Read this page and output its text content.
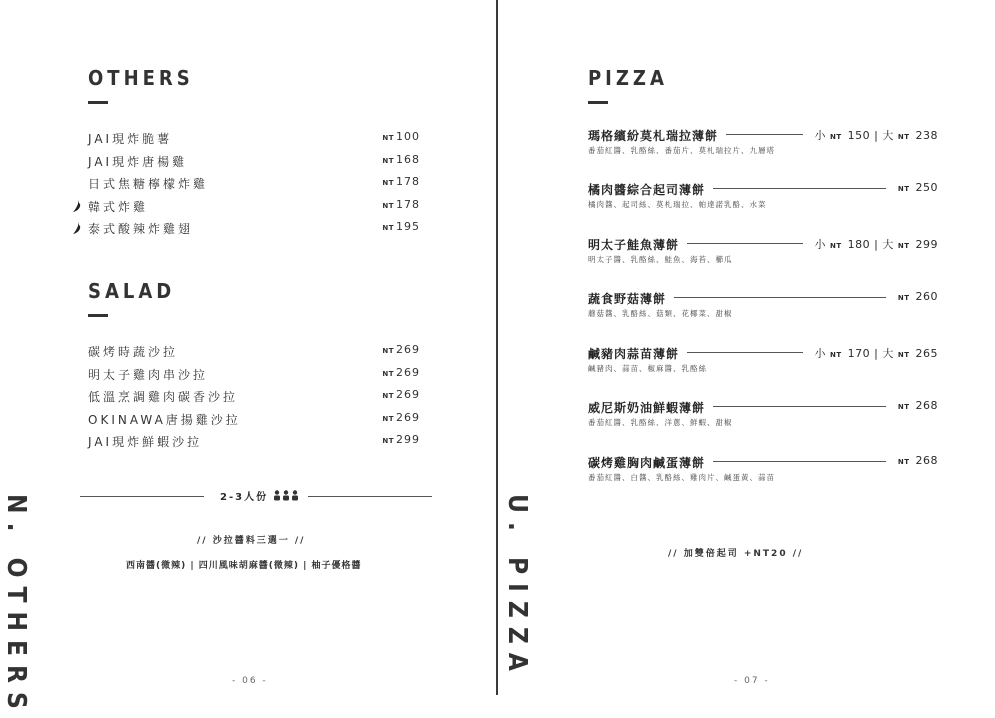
OTHERS
JAI現炸脆薯	NT 100
JAI現炸唐楊雞	NT 168
日式焦糖檸檬炸雞	NT 178
韓式炸雞	NT 178
泰式酸辣炸雞翅	NT 195
SALAD
碳烤時蔬沙拉	NT 269
明太子雞肉串沙拉	NT 269
低溫烹調雞肉碳香沙拉	NT 269
OKINAWA唐揚雞沙拉	NT 269
JAI現炸鮮蝦沙拉	NT 299
2-3人份
// 沙拉醬料三選一 //
西南醬(微辣) | 四川風味胡麻醬(微辣) | 柚子優格醬
N. OTHERS	- 06 -
U. PIZZA
- 07 -
PIZZA
瑪格繽紛莫札瑞拉薄餅	小 NT 150 | 大 NT 238
番茄紅醬、乳酪絲、番茄片、莫札瑞拉片、九層塔
橘肉醬綜合起司薄餅	NT 250
橘肉醬、起司絲、莫札瑞拉、帕達諾乳酪、水菜
明太子鮭魚薄餅	小 NT 180 | 大 NT 299
明太子醬、乳酪絲、鮭魚、海苔、櫛瓜
蔬食野菇薄餅	NT 260
蘑菇醬、乳酪絲、菇類、花椰菜、甜椒
鹹豬肉蒜苗薄餅	小 NT 170 | 大 NT 265
鹹豬肉、蒜苗、椒麻醬、乳酪絲
威尼斯奶油鮮蝦薄餅	NT 268
番茄紅醬、乳酪絲、洋蔥、鮮蝦、甜椒
碳烤雞胸肉鹹蛋薄餅	NT 268
番茄紅醬、白醬、乳酪絲、雞肉片、鹹蛋黃、蒜苗
// 加雙倍起司 +NT20 //
